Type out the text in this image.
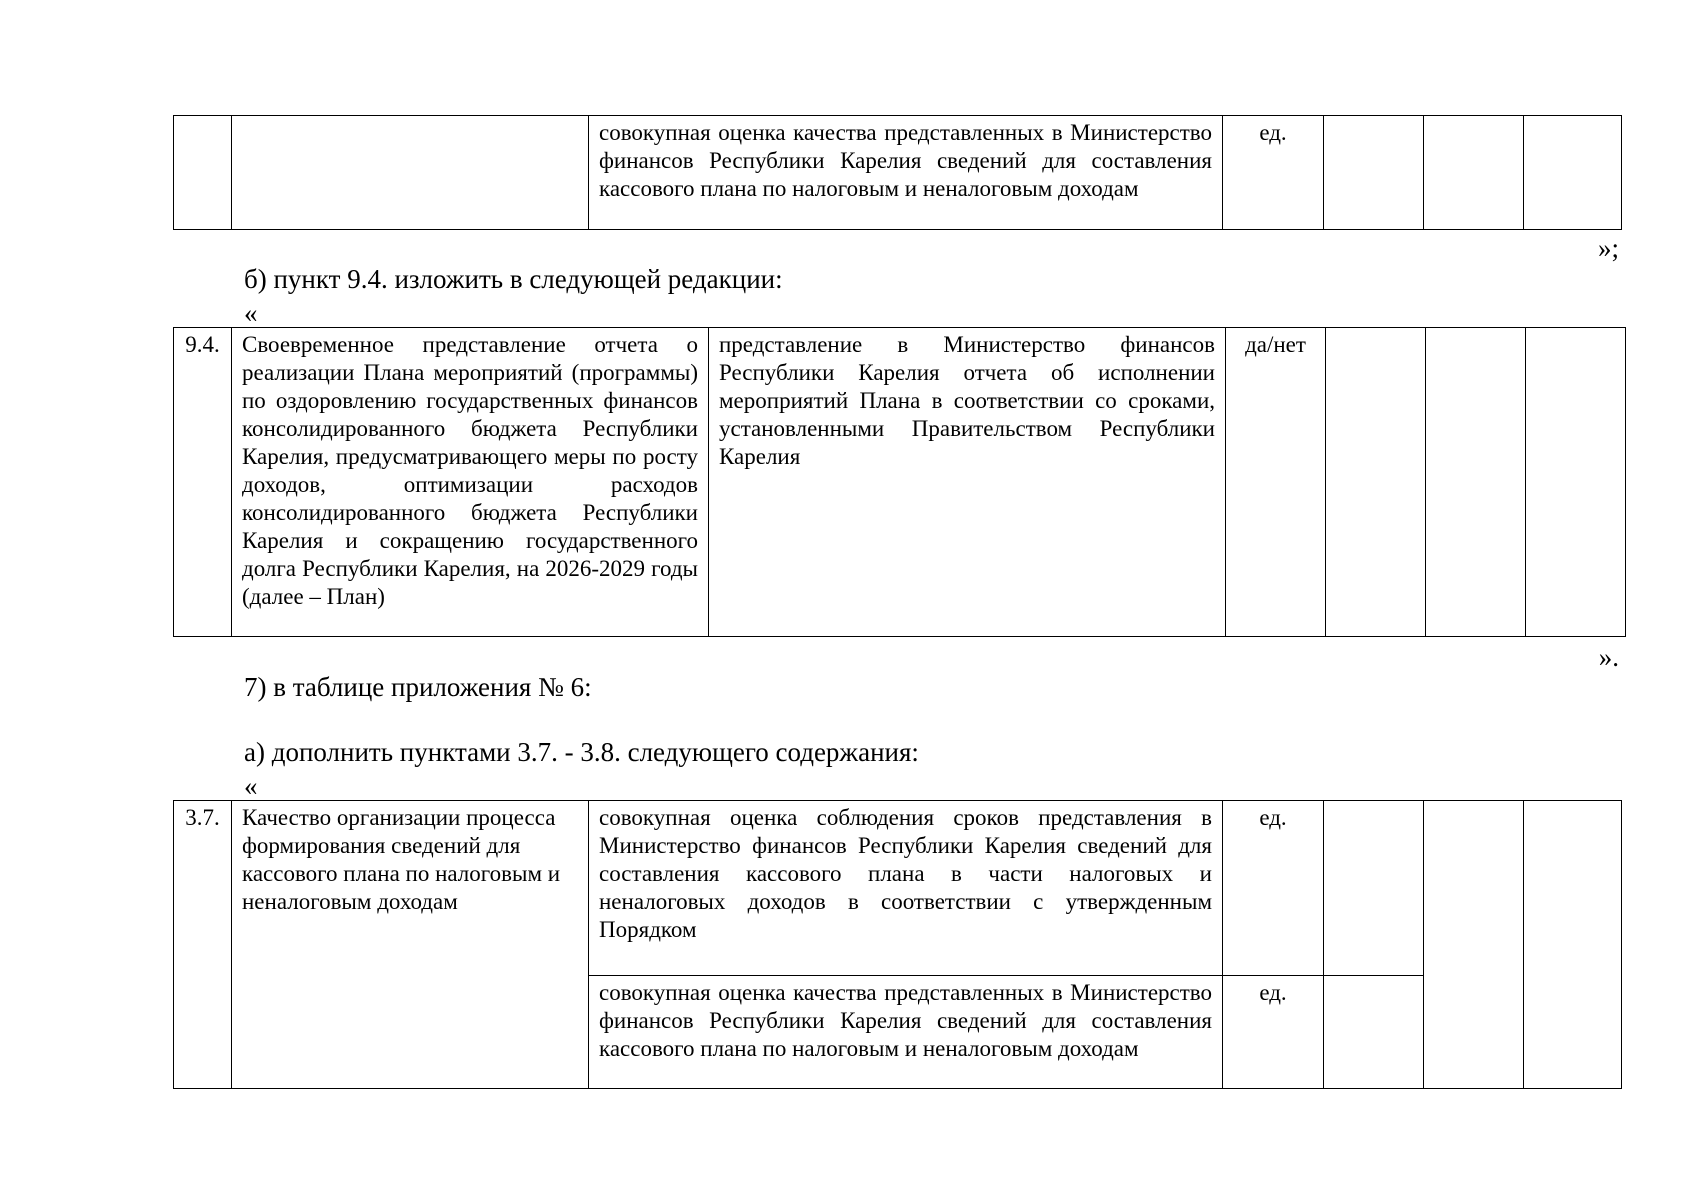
		совокупная оценка качества представленных в Министерство финансов Республики Карелия сведений для составления кассового плана по налоговым и неналоговым доходам	ед.			
»;
б) пункт 9.4. изложить в следующей редакции:
«
9.4.	Своевременное представление отчета о реализации Плана мероприятий (программы) по оздоровлению государственных финансов консолидированного бюджета Республики Карелия, предусматривающего меры по росту доходов, оптимизации расходов консолидированного бюджета Республики Карелия и сокращению государственного долга Республики Карелия, на 2026-2029 годы (далее – План)	представление в Министерство финансов Республики Карелия отчета об исполнении мероприятий Плана в соответствии со сроками, установленными Правительством Республики Карелия	да/нет			
».
7) в таблице приложения № 6:
а) дополнить пунктами 3.7. - 3.8. следующего содержания:
«
3.7.	Качество организации процесса формирования сведений для кассового плана по налоговым и неналоговым доходам	совокупная оценка соблюдения сроков представления в Министерство финансов Республики Карелия сведений для составления кассового плана в части налоговых и неналоговых доходов в соответствии с утвержденным Порядком	ед.			
		совокупная оценка качества представленных в Министерство финансов Республики Карелия сведений для составления кассового плана по налоговым и неналоговым доходам	ед.			
